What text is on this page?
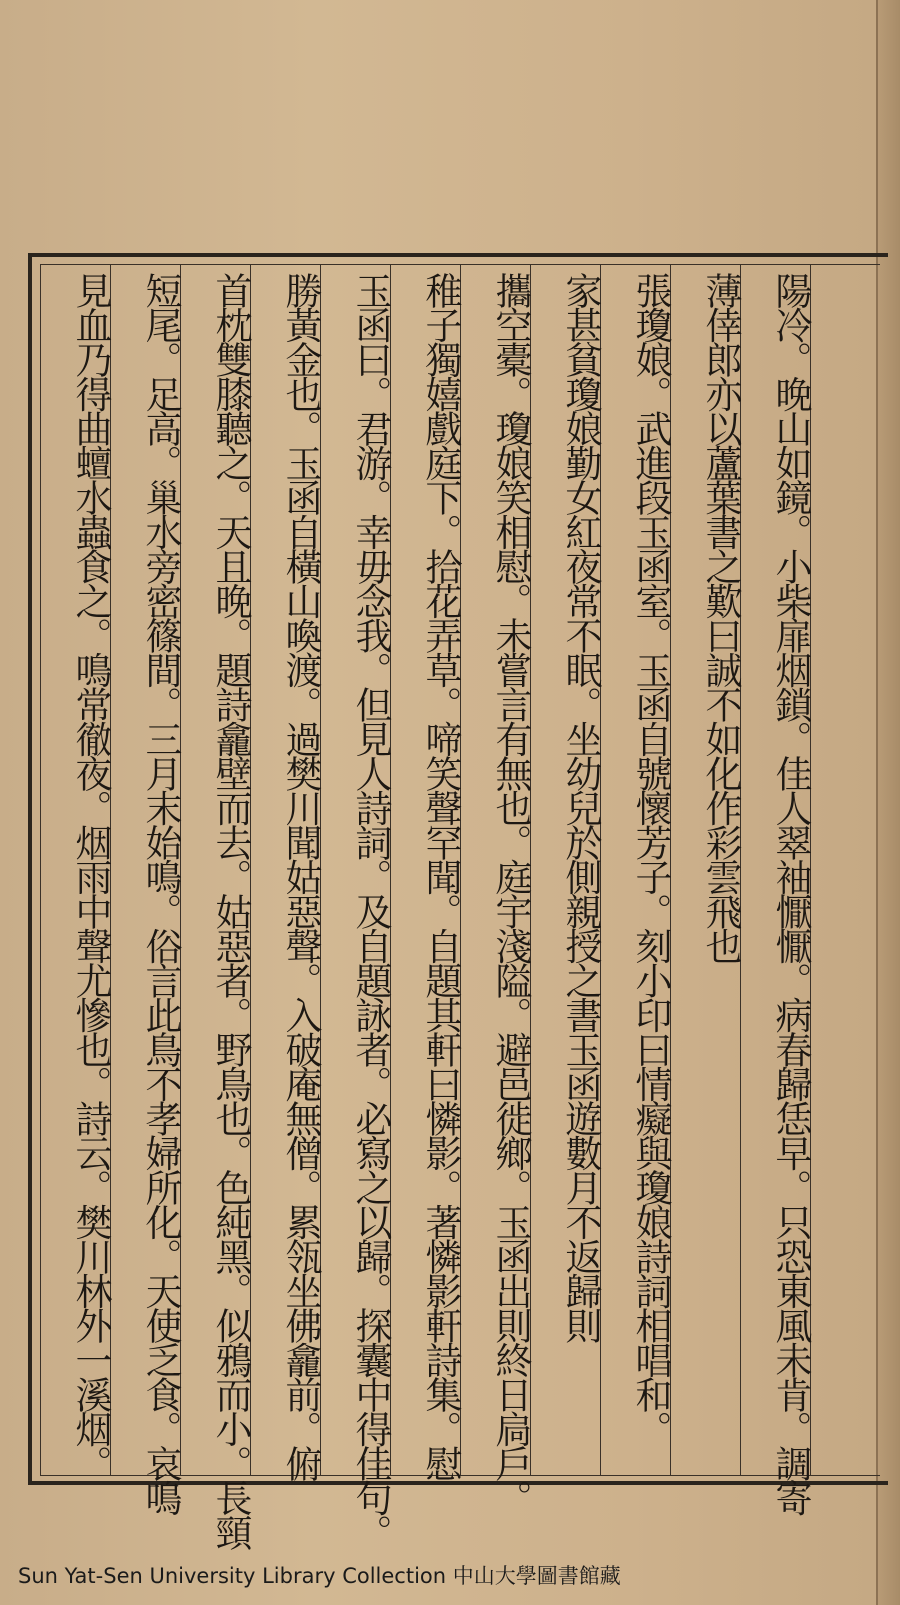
陽冷。晚山如鏡。小柴扉烟鎖。佳人翠袖懨懨。病春歸恁早。只恐東風未肯。調寄
薄倖郎亦以蘆葉書之歎曰誠不如化作彩雲飛也
張瓊娘。武進段玉函室。玉函自號懷芳子。刻小印曰情癡與瓊娘詩詞相唱和。
家甚貧瓊娘勤女紅夜常不眠。坐幼兒於側親授之書玉函遊數月不返歸則
攜空橐。瓊娘笑相慰。未嘗言有無也。庭宇淺隘。避邑徙鄉。玉函出則終日扃戶。
稚子獨嬉戲庭下。拾花弄草。啼笑聲罕聞。自題其軒曰憐影。著憐影軒詩集。慰
玉函曰。君游。幸毋念我。但見人詩詞。及自題詠者。必寫之以歸。探囊中得佳句。
勝黃金也。玉函自橫山喚渡。過樊川聞姑惡聲。入破庵無僧。累瓴坐佛龕前。俯
首枕雙膝聽之。天且晚。題詩龕壁而去。姑惡者。野鳥也。色純黑。似鴉而小。長頸
短尾。足高。巢水旁密篠間。三月末始鳴。俗言此鳥不孝婦所化。天使乏食。哀鳴
見血乃得曲蟺水蟲食之。鳴常徹夜。烟雨中聲尤慘也。詩云。樊川林外一溪烟。
Sun Yat-Sen University Library Collection 中山大學圖書館藏
